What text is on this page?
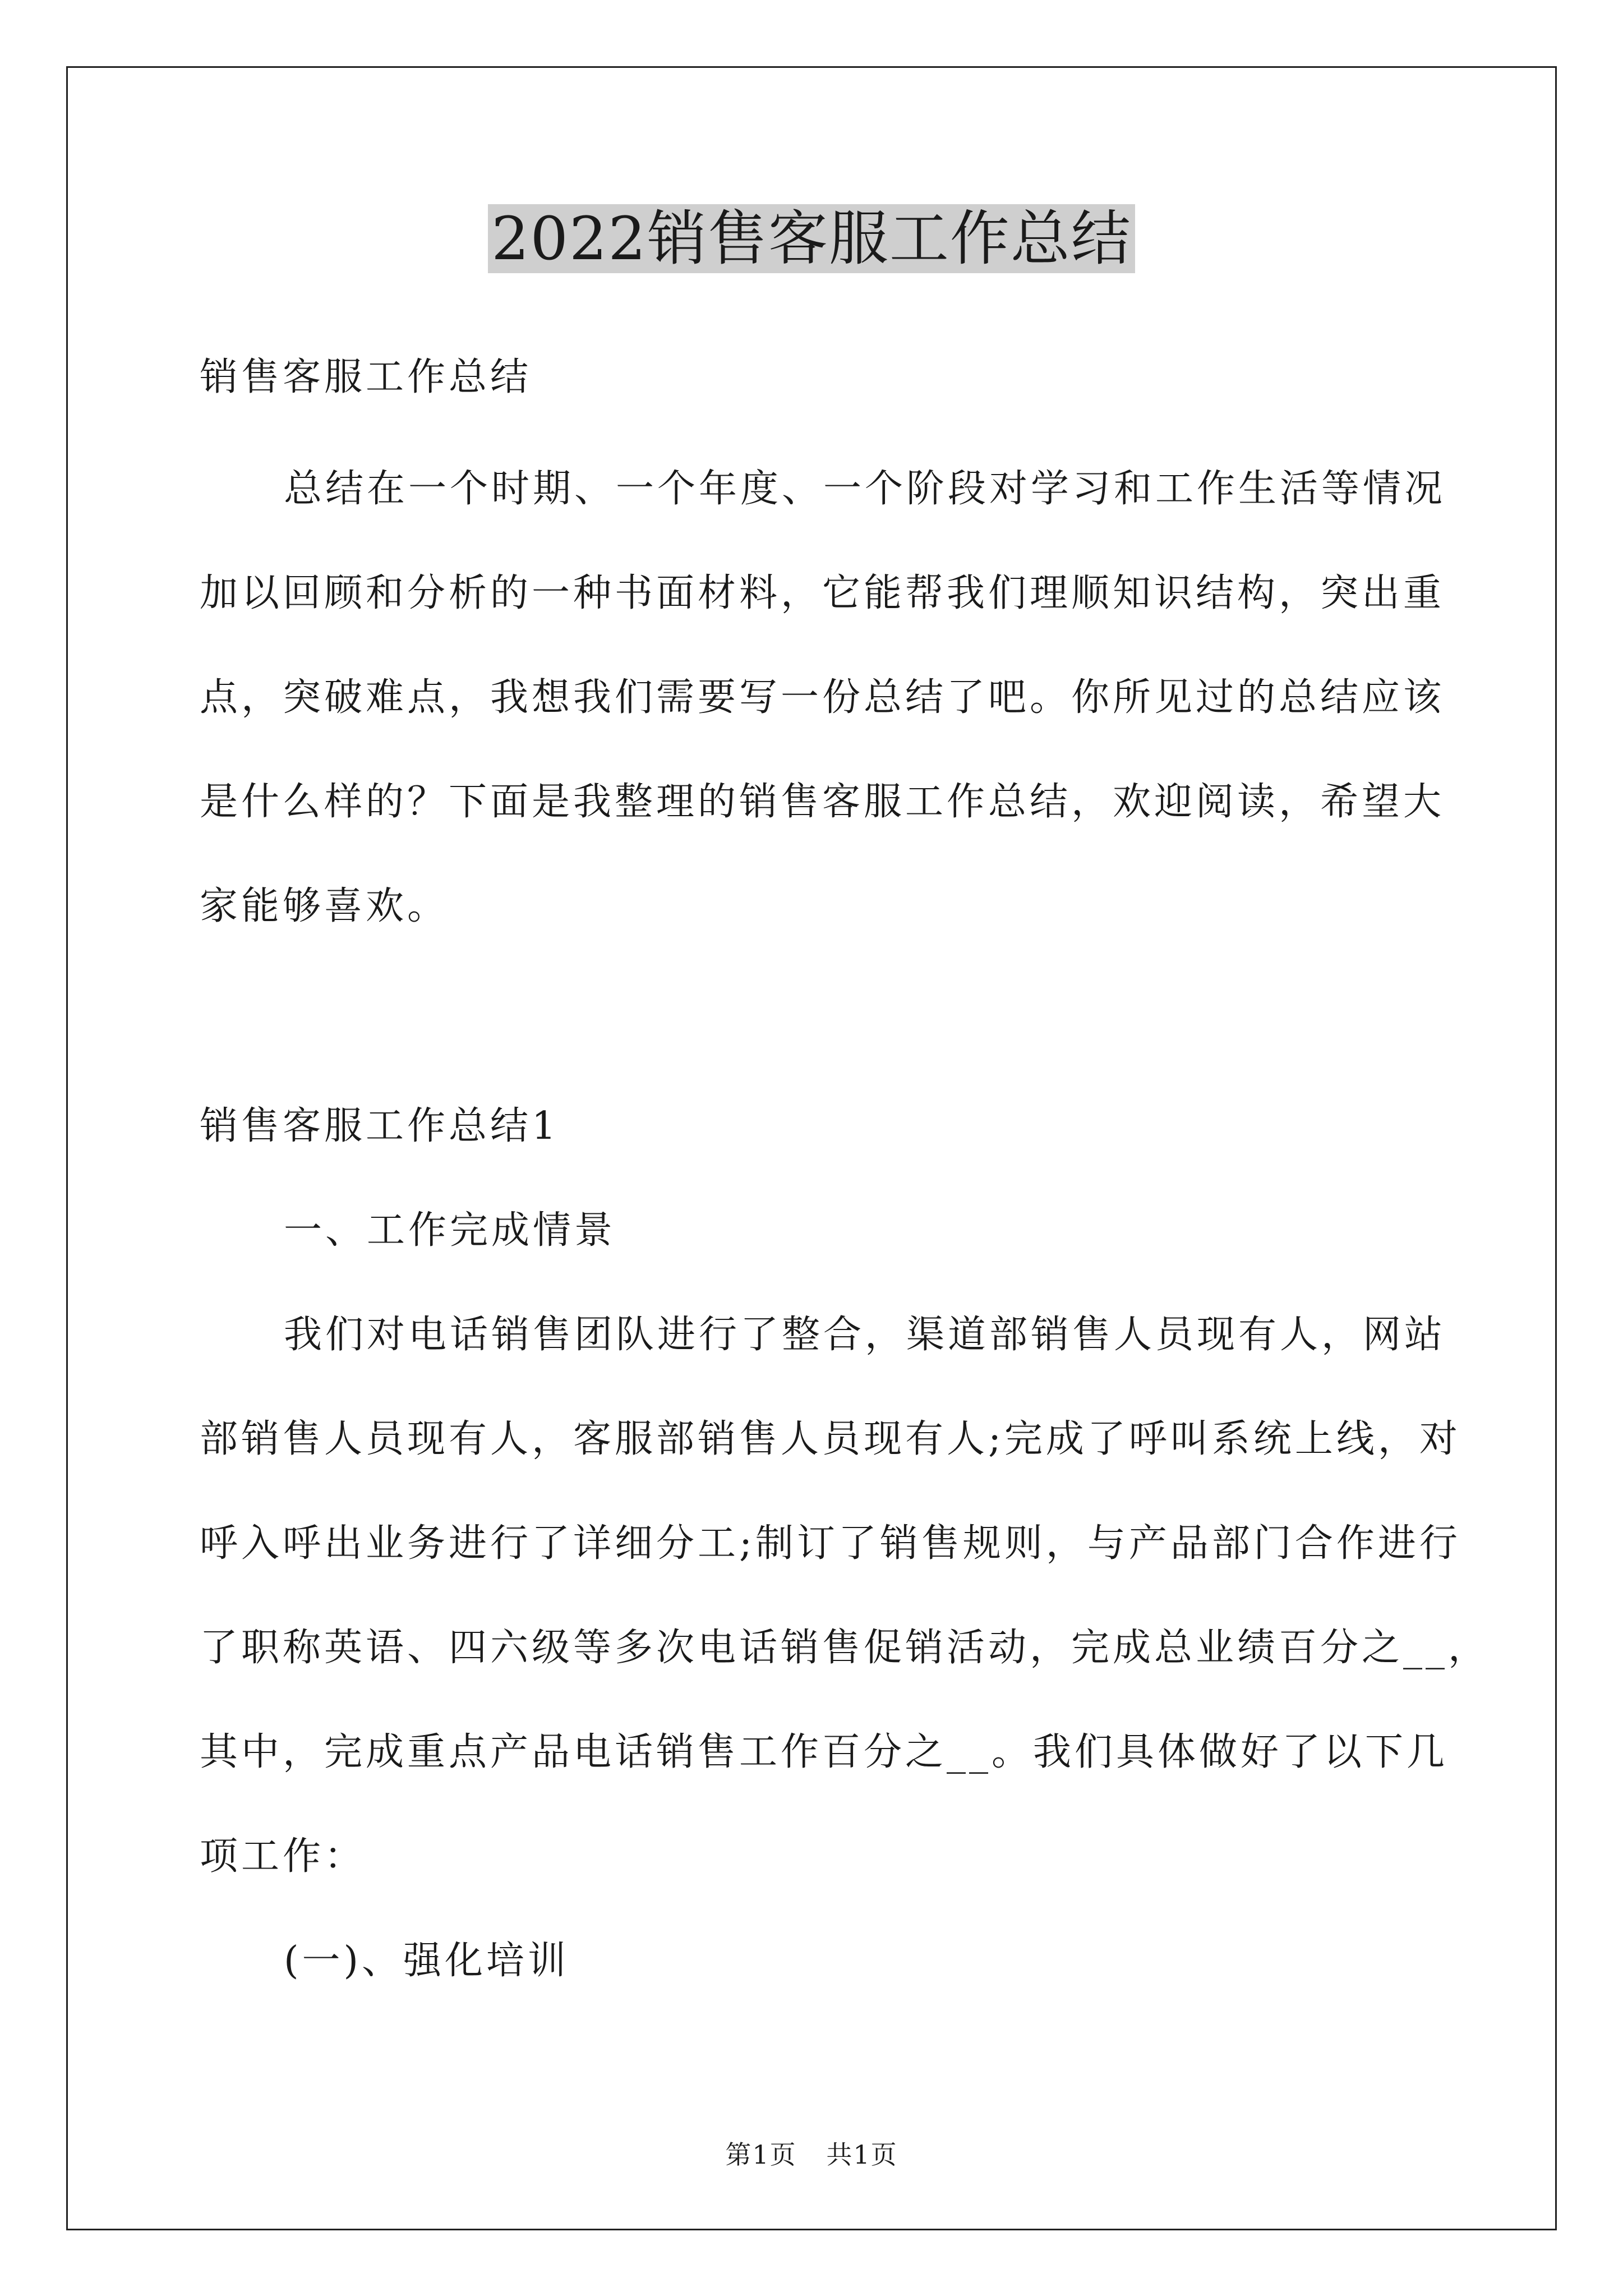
2022销售客服工作总结
销售客服工作总结
总结在一个时期、一个年度、一个阶段对学习和工作生活等情况
加以回顾和分析的一种书面材料，它能帮我们理顺知识结构，突出重
点，突破难点，我想我们需要写一份总结了吧。你所见过的总结应该
是什么样的？下面是我整理的销售客服工作总结，欢迎阅读，希望大
家能够喜欢。
销售客服工作总结1
一、工作完成情景
我们对电话销售团队进行了整合，渠道部销售人员现有人，网站
部销售人员现有人，客服部销售人员现有人;完成了呼叫系统上线，对
呼入呼出业务进行了详细分工;制订了销售规则，与产品部门合作进行
了职称英语、四六级等多次电话销售促销活动，完成总业绩百分之__，
其中，完成重点产品电话销售工作百分之__。我们具体做好了以下几
项工作：
(一)、强化培训
第1页 共1页
